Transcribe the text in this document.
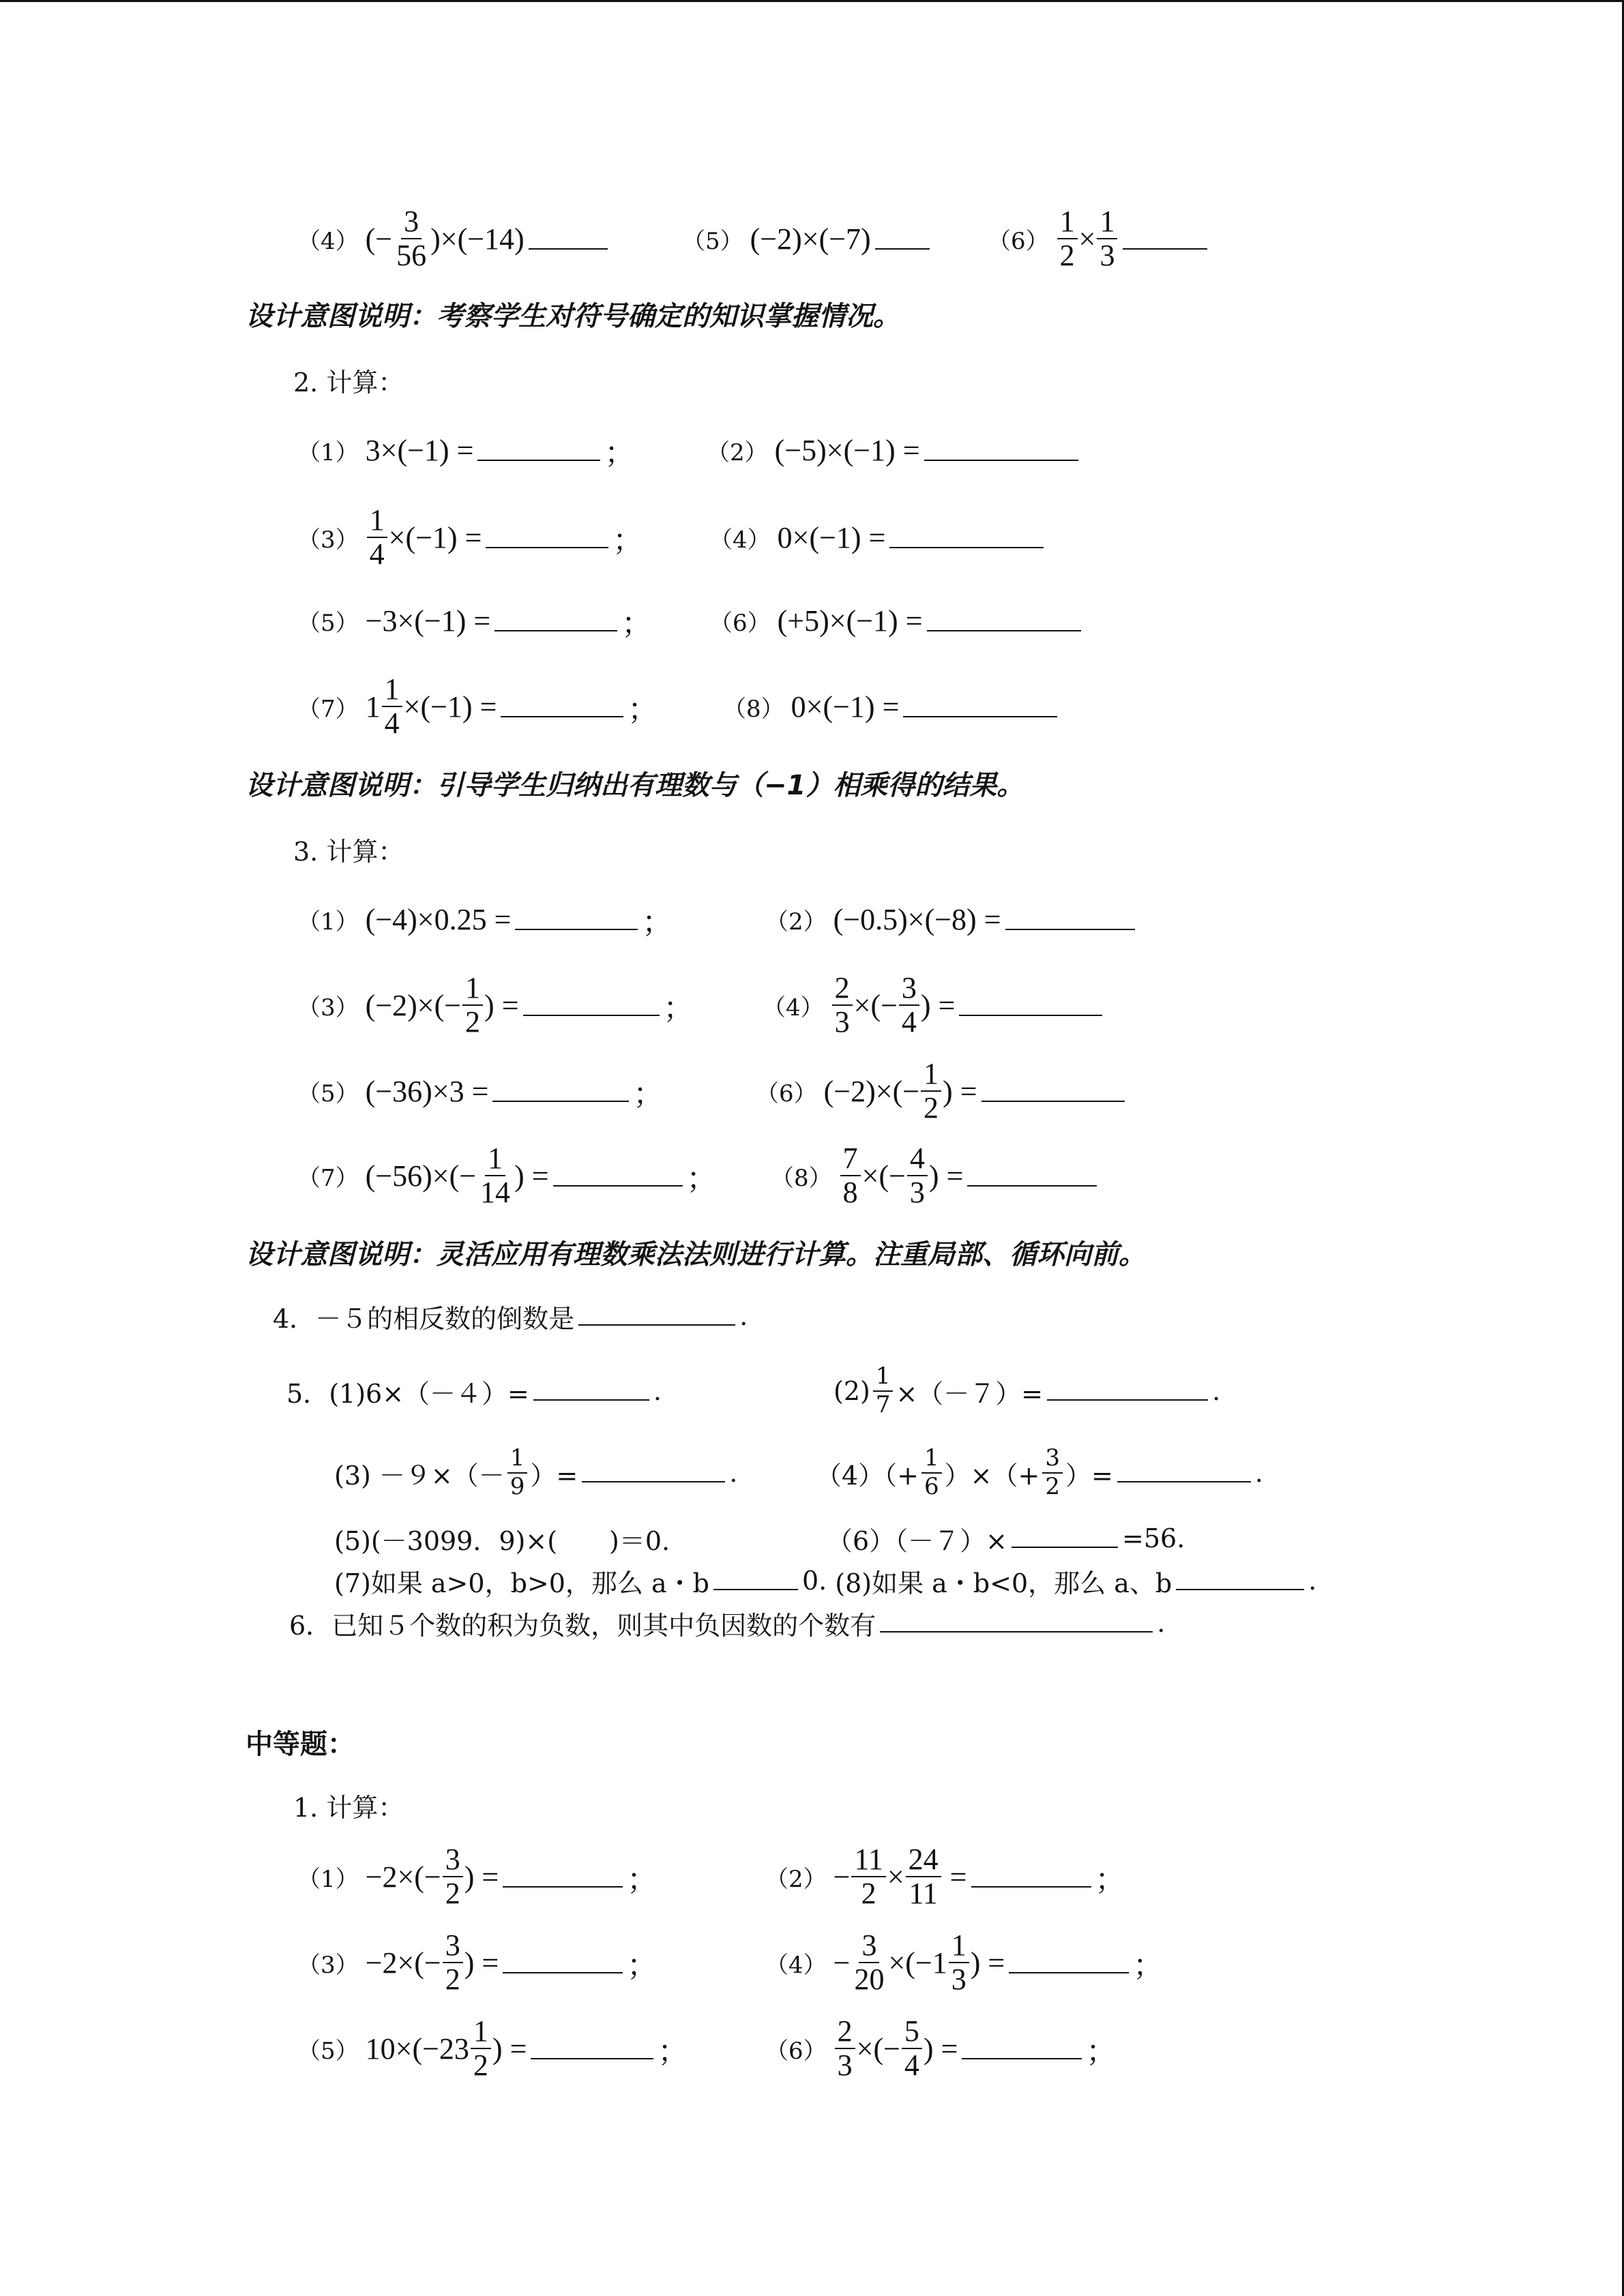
（4） (− $\frac{3}{56} )\times(-14)$	（5） (−2)×(−7)	$(6) \frac{1}{2} \times \frac{1}{3}$
设计意图说明：考察学生对符号确定的知识掌握情况。
2. 计算：
（1） 3×(−1) =	；	（2） (−5)×(−1) =
$(3) \frac{1}{4} \times(-1)$ =	；	（4） 0×(−1) =
（5） −3×(−1) =	； （6） (+5)×(−1) =
（7） $1 \frac{1}{4} \times(-1)$ =	；	（8） 0×(−1) =
设计意图说明：引导学生归纳出有理数与（−1）相乘得的结果。
3. 计算：
（1） (−4)×0.25 =	；	（2） (−0.5)×(−8) =
（3） $(-2)\times(- \frac{1}{2}$ ) =	；	$(4) \frac{2}{3}$ ×(− $\frac{3}{4}$ ) =
（5） (−36)×3 =	；	（6） $(-2)\times(- \frac{1}{2}$ ) =
（7） $(-56)\times(- \frac{1}{14}$ ) =	； $(8) \frac{7}{8}$ ×(− $\frac{4}{3}$ ) =
设计意图说明：灵活应用有理数乘法法则进行计算。注重局部、循环向前。
4．－５的相反数的倒数是	.
5． (1)6×（－４）=	.	$(2) \frac{1}{7} \times(-7)=$	.
$(3) -9\times(- \frac{1}{9}$ ）=	.	$(4)(+ \frac{1}{6}$ ）×（+ $\frac{3}{2}$ ）=	.
(5)(－3099．9)×(　　)＝0.	（6）（－７）×	=56.
(7)如果 a>0，b>0，那么 a・b	0. (8)如果 a・b<0，那么 a、b	.
6．已知５个数的积为负数，则其中负因数的个数有	.
中等题：
1. 计算：
$(1) -2\times(- \frac{3}{2}$ ) =	；	$(2) - \frac{11}{2} \times \frac{24}{11}$ =	；
$(3) -2\times(- \frac{3}{2}$ ) =	；	$(4) - \frac{3}{20} \times(-1 \frac{1}{3}$ ) =	；
（5） $10\times(-23 \frac{1}{2}$ ) =	；	$(6) \frac{2}{3}$ ×(− $\frac{5}{4}$ ) =	；
